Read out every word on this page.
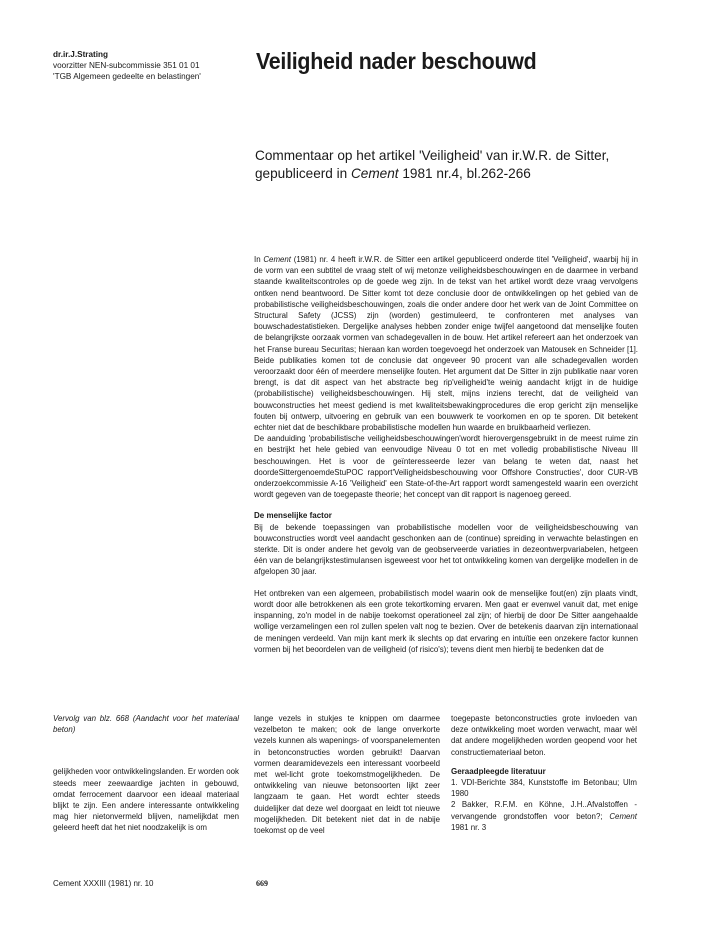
dr.ir.J.Strating
voorzitter NEN-subcommissie 351 01 01
'TGB Algemeen gedeelte en belastingen'
Veiligheid nader beschouwd
Commentaar op het artikel 'Veiligheid' van ir.W.R. de Sitter, gepubliceerd in Cement 1981 nr.4, bl.262-266

In Cement (1981) nr. 4 heeft ir.W.R. de Sitter een artikel gepubliceerd onderde titel 'Veiligheid', waarbij hij in de vorm van een subtitel de vraag stelt of wij metonze veiligheidsbeschouwingen en de daarmee in verband staande kwaliteitscontroles op de goede weg zijn. In de tekst van het artikel wordt deze vraag vervolgens ontken nend beantwoord. De Sitter komt tot deze conclusie door de ontwikkelingen op het gebied van de probabilistische veiligheidsbeschouwingen, zoals die onder andere door het werk van de Joint Committee on Structural Safety (JCSS) zijn (worden) gestimuleerd, te confronteren met analyses van bouwschadestatistieken. Dergelijke analyses hebben zonder enige twijfel aangetoond dat menselijke fouten de belangrijkste oorzaak vormen van schadegevallen in de bouw. Het artikel refereert aan het onderzoek van het Franse bureau Securitas; hieraan kan worden toegevoegd het onderzoek van Matousek en Schneider [1]. Beide publikaties komen tot de conclusie dat ongeveer 90 procent van alle schadegevallen worden veroorzaakt door één of meerdere menselijke fouten. Het argument dat De Sitter in zijn publikatie naar voren brengt, is dat dit aspect van het abstracte beg rip'veiligheid'te weinig aandacht krijgt in de huidige (probabilistische) veiligheidsbeschouwingen. Hij stelt, mijns inziens terecht, dat de veiligheid van bouwconstructies het meest gediend is met kwaliteitsbewakingprocedures die erop gericht zijn menselijke fouten bij ontwerp, uitvoering en gebruik van een bouwwerk te voorkomen en op te sporen. Dit betekent echter niet dat de beschikbare probabilistische modellen hun waarde en bruikbaarheid verliezen.

De aanduiding 'probabilistische veiligheidsbeschouwingen'wordt hierovergensgebruikt in de meest ruime zin en bestrijkt het hele gebied van eenvoudige Niveau 0 tot en met volledig probabilistische Niveau III beschouwingen. Het is voor de geïnteresseerde lezer van belang te weten dat, naast het doordeSittergenoemdeStuPOC rapport'Veiligheidsbeschouwing voor Offshore Constructies', door CUR-VB onderzoekcommissie A-16 'Veiligheid' een State-of-the-Art rapport wordt samengesteld waarin een overzicht wordt gegeven van de toegepaste theorie; het concept van dit rapport is nagenoeg gereed.

De menselijke factor

Bij de bekende toepassingen van probabilistische modellen voor de veiligheidsbeschouwing van bouwconstructies wordt veel aandacht geschonken aan de (continue) spreiding in verwachte belastingen en sterkte. Dit is onder andere het gevolg van de geobserveerde variaties in dezeontwerpvariabelen, hetgeen één van de belangrijkstestimulansen isgeweest voor het tot ontwikkeling komen van dergelijke modellen in de afgelopen 30 jaar.

Het ontbreken van een algemeen, probabilistisch model waarin ook de menselijke fout(en) zijn plaats vindt, wordt door alle betrokkenen als een grote tekortkoming ervaren. Men gaat er evenwel vanuit dat, met enige inspanning, zo'n model in de nabije toekomst operationeel zal zijn; of hierbij de door De Sitter aangehaalde wollige verzamelingen een rol zullen spelen valt nog te bezien. Over de betekenis daarvan zijn internationaal de meningen verdeeld. Van mijn kant merk ik slechts op dat ervaring en intuïtie een onzekere factor kunnen vormen bij het beoordelen van de veiligheid (of risico's); tevens dient men hierbij te bedenken dat de

Vervolg van blz. 668 (Aandacht voor het materiaal beton)

gelijkheden voor ontwikkelingslanden. Er worden ook steeds meer zeewaardige jachten in gebouwd, omdat ferrocement daarvoor een ideaal materiaal blijkt te zijn. Een andere interessante ontwikkeling mag hier nietonvermeld blijven, namelijkdat men geleerd heeft dat het niet noodzakelijk is om

lange vezels in stukjes te knippen om daarmee vezelbeton te maken; ook de lange onverkorte vezels kunnen als wapenings- of voorspanelementen in betonconstructies worden gebruikt! Daarvan vormen dearamidevezels een interessant voorbeeld met wel-licht grote toekomstmogelijkheden. De ontwikkeling van nieuwe betonsoorten lijkt zeer langzaam te gaan. Het wordt echter steeds duidelijker dat deze wel doorgaat en leidt tot nieuwe mogelijkheden. Dit betekent niet dat in de nabije toekomst op de veel

toegepaste betonconstructies grote invloeden van deze ontwikkeling moet worden verwacht, maar wèl dat andere mogelijkheden worden geopend voor het constructiemateriaal beton.

Geraadpleegde literatuur

1. VDI-Berichte 384, Kunststoffe im Betonbau; Ulm 1980

2 Bakker, R.F.M. en Köhne, J.H..Afvalstoffen - vervangende grondstoffen voor beton?; Cement 1981 nr. 3

Cement XXXIII (1981) nr. 10	669
